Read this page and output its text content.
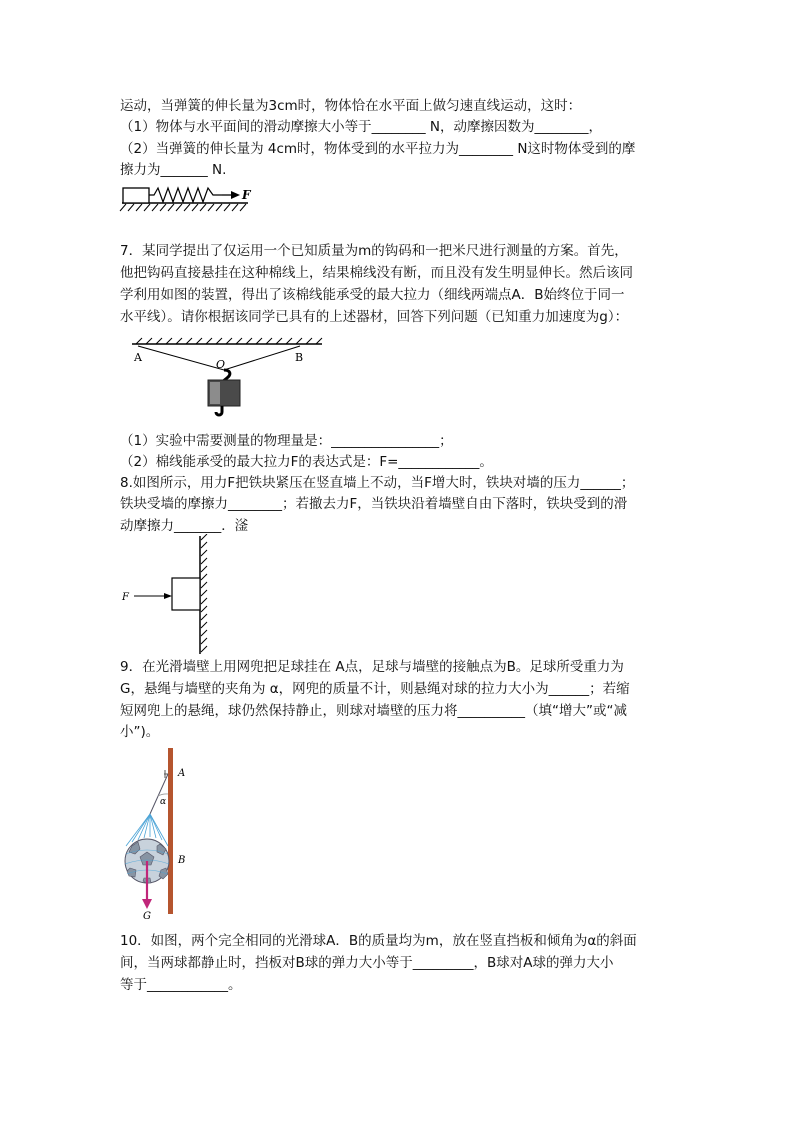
运动，当弹簧的伸长量为3cm时，物体恰在水平面上做匀速直线运动，这时：
（1）物体与水平面间的滑动摩擦大小等于________ N，动摩擦因数为________，
（2）当弹簧的伸长量为 4cm时，物体受到的水平拉力为________ N这时物体受到的摩
擦力为_______ N.
F
7．某同学提出了仅运用一个已知质量为m的钩码和一把米尺进行测量的方案。首先，
他把钩码直接悬挂在这种棉线上，结果棉线没有断，而且没有发生明显伸长。然后该同
学利用如图的装置，得出了该棉线能承受的最大拉力（细线两端点A．B始终位于同一
水平线）。请你根据该同学已具有的上述器材，回答下列问题（已知重力加速度为g）：
A
O
B
（1）实验中需要测量的物理量是：________________；
（2）棉线能承受的最大拉力F的表达式是：F=____________。
8.如图所示，用力F把铁块紧压在竖直墙上不动，当F增大时，铁块对墙的压力______；
铁块受墙的摩擦力________；若撤去力F，当铁块沿着墙壁自由下落时，铁块受到的滑
动摩擦力_______．滏
F
9．在光滑墙壁上用网兜把足球挂在 A点，足球与墙壁的接触点为B。足球所受重力为
G，悬绳与墙壁的夹角为 α，网兜的质量不计，则悬绳对球的拉力大小为______；若缩
短网兜上的悬绳，球仍然保持静止，则球对墙壁的压力将__________（填“增大”或“减
小”)。
A
α
B
G
10．如图，两个完全相同的光滑球A．B的质量均为m，放在竖直挡板和倾角为α的斜面
间，当两球都静止时，挡板对B球的弹力大小等于_________，B球对A球的弹力大小
等于____________。
